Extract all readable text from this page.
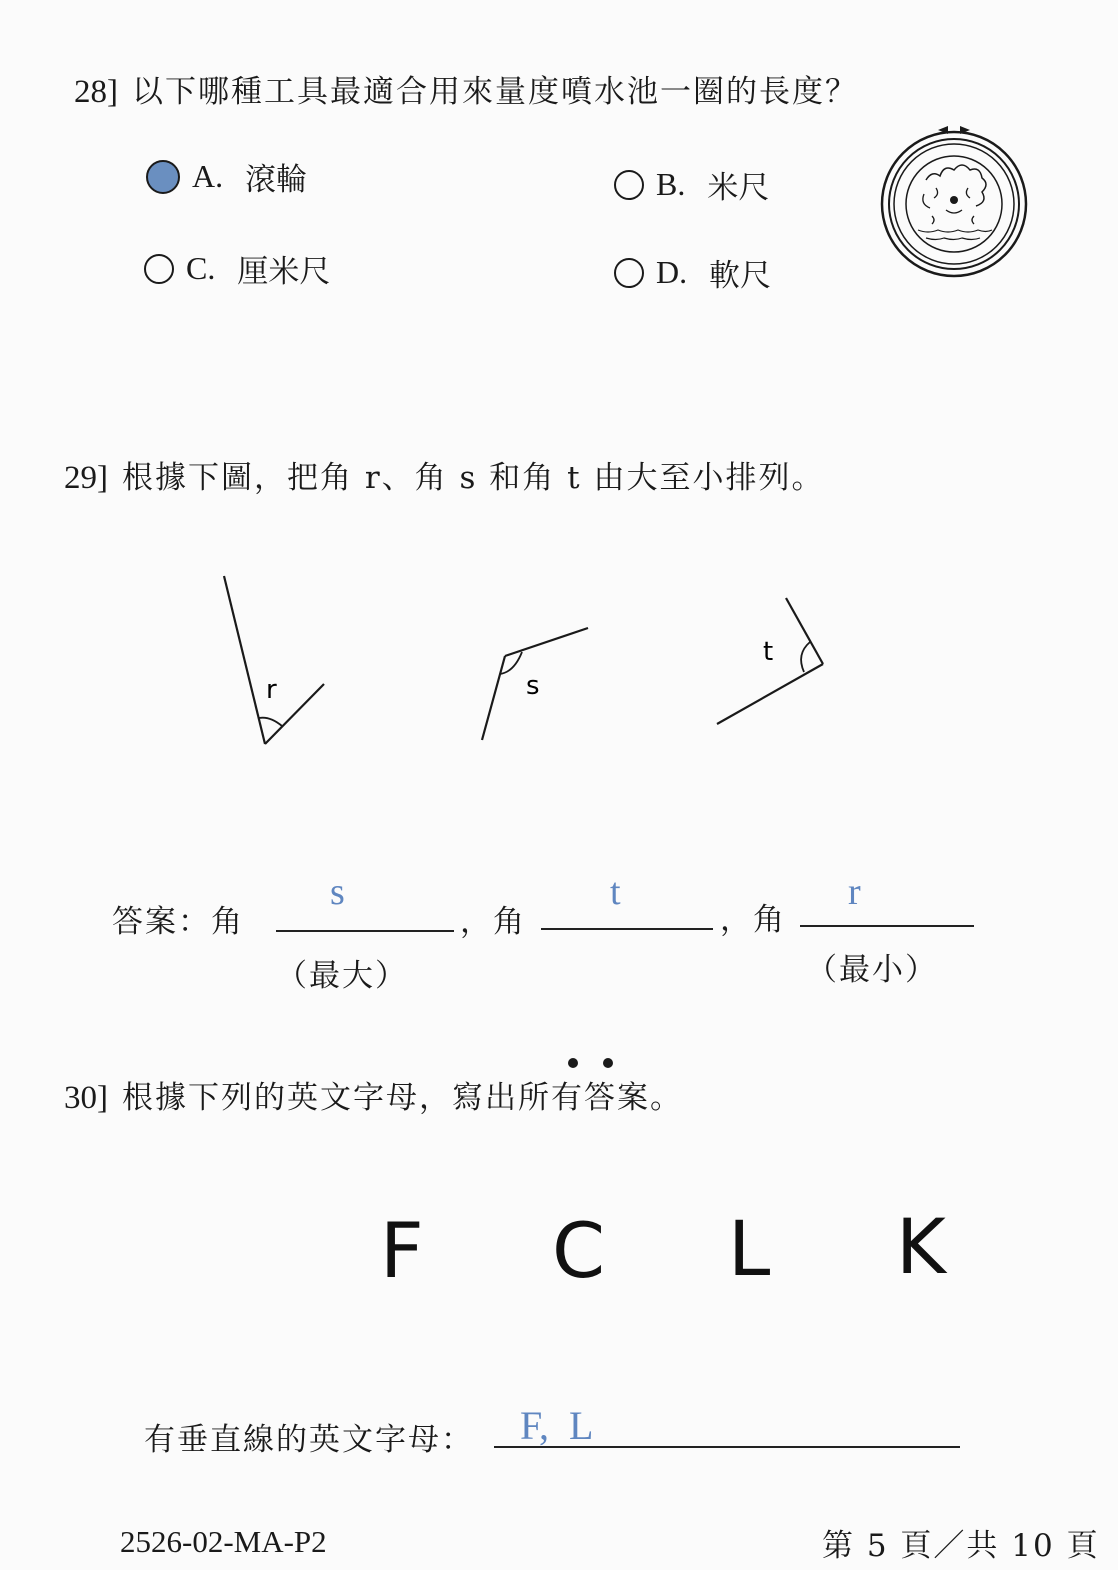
28] 以下哪種工具最適合用來量度噴水池一圈的長度？
A. 滾輪	B. 米尺
C. 厘米尺	D. 軟尺
29] 根據下圖，把角 r、角 s 和角 t 由大至小排列。
r	s
t
答案：角
s
，角
t
，角
r
（最大）	（最小）
30] 根據下列的英文字母，寫出所有答案。
F C L K
有垂直線的英文字母： F,  L
2526-02-MA-P2	第 5 頁／共 10 頁
